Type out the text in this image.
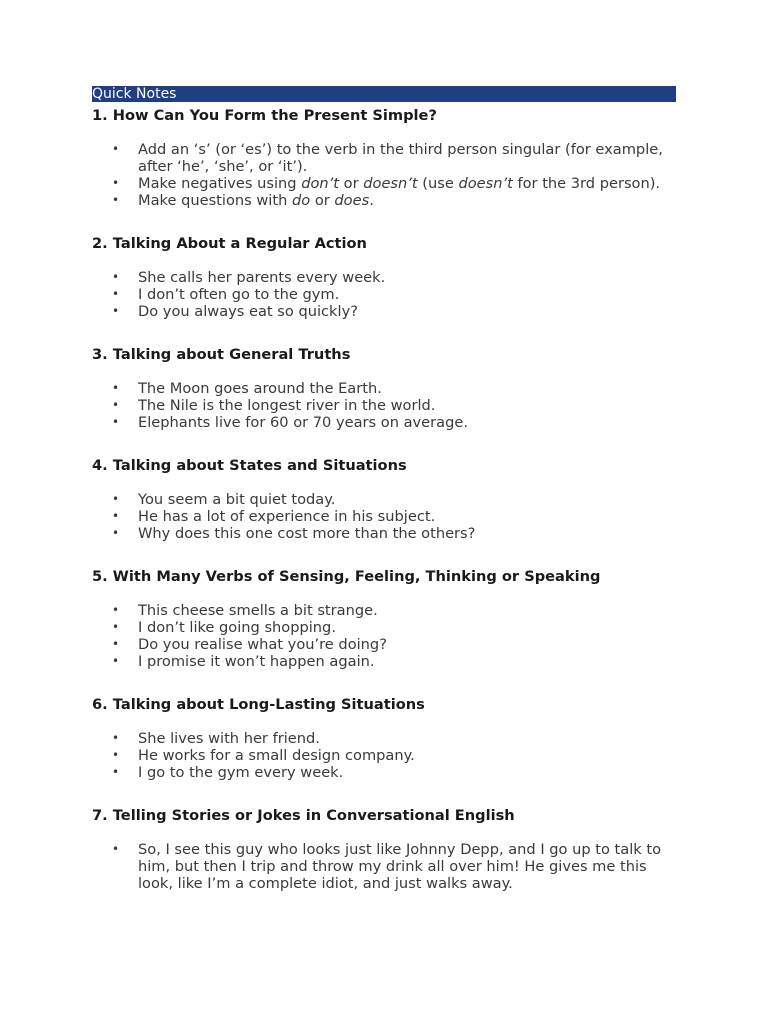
Quick Notes
1. How Can You Form the Present Simple?
• Add an ‘s’ (or ‘es’) to the verb in the third person singular (for example, after ‘he’, ‘she’, or ‘it’).
• Make negatives using don’t or doesn’t (use doesn’t for the 3rd person).
• Make questions with do or does.
2. Talking About a Regular Action
• She calls her parents every week.
• I don’t often go to the gym.
• Do you always eat so quickly?
3. Talking about General Truths
• The Moon goes around the Earth.
• The Nile is the longest river in the world.
• Elephants live for 60 or 70 years on average.
4. Talking about States and Situations
• You seem a bit quiet today.
• He has a lot of experience in his subject.
• Why does this one cost more than the others?
5. With Many Verbs of Sensing, Feeling, Thinking or Speaking
• This cheese smells a bit strange.
• I don’t like going shopping.
• Do you realise what you’re doing?
• I promise it won’t happen again.
6. Talking about Long-Lasting Situations
• She lives with her friend.
• He works for a small design company.
• I go to the gym every week.
7. Telling Stories or Jokes in Conversational English
• So, I see this guy who looks just like Johnny Depp, and I go up to talk to him, but then I trip and throw my drink all over him! He gives me this look, like I’m a complete idiot, and just walks away.
